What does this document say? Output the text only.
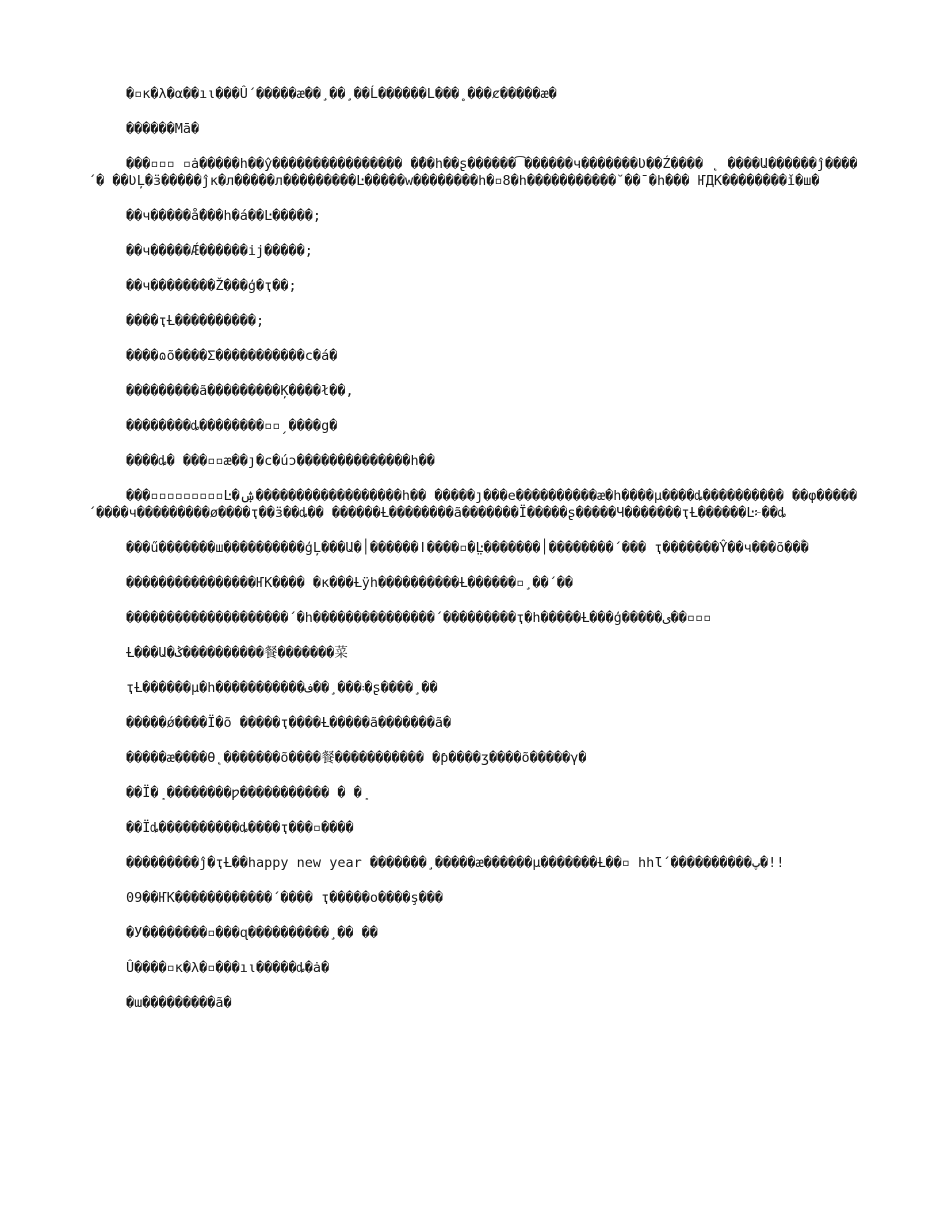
�▫κ�λ�α��ıι���Û΄�����æ��¸��¸��Ĺ������L���̥ ���ȼ�����æ�

������Mā�

���▫▫▫ ▫ȧ�����h��ŷ���������������� �ٚ��h��ʂ������͡������ч�������Ʋ��Ź���� ˛ ����Ա������ĵ����΄� ��ƲĻ�ӟ�����ĵκ�л�����л���������Ŀ�����w��������h�▫8�h�����������̆ ��̄ �h��� ҤДК��������ǐ�ш�

��ч�����ǻ���h�á��Ŀ�����;

��ч�����Ǽ������ij�����;

��ч��������Ž���ģ�ҭ��;

����ҭȽ����������;

����ɷõ����Σ�����������c�á�

���������ã���������Ķ����ł��,

��������ȡ��������▫▫ˏ����g�

����ȡ� ���▫▫æ��ȷ�c�úɔ��������������h��

���▫▫▫▫▫▫▫▫▫Ŀ�ۺ������������������h�� �����ȷ���e����������æ�h����µ����ȡ���������� ��φ����� ΄����ч���������ø����ҭ��ӟ��ȡ�� ������Ƚ��������ã�������Ï�����ʂ�����Ч�������ҭȽ������Ŀ፦��ȡ

���ű�������ш����������ģĻ���Ա�׀������ǀ����▫�̤Ŀ�������׀��������΄��� ҭ�������Ŷ��ч���õ��ؐ�

����������������ҤК���� �κ���Ƚÿh����������Ƚ������▫¸��΄��

��������������������΄�h���������������΄���������ҭ�h�����Ƚ���ģ�����ى��▫▫▫

Ƚ���Ա�ݣ����������餐�������菜

ҭȽ������µ�h�����������܃���¸��ف�ʂ����¸��

�����ǿ����Ï�õ �����ҭ����Ƚ�����ã�������ã�

�����æ����Ɵ˛�������õ����餐����������� �ƥ����ӡ����õ�����γ�

��Ï�ܻ ��������ƿ����������� � �ܻ

��Ïȡ����������ȡ����ҭ���▫����

���������ĵ�ҭȽ��happy new year �������¸�����æ������µ�������Ƚ��▫ hhƖ΄����������پ�!!

09��ҤК������������΄���� ҭ�����ο����ş���

�У��������▫���ɋ����������¸�� ��

Û����▫κ�λ�▫���ıι�����ȡ�ȧ�

�ɯ���������ã�
